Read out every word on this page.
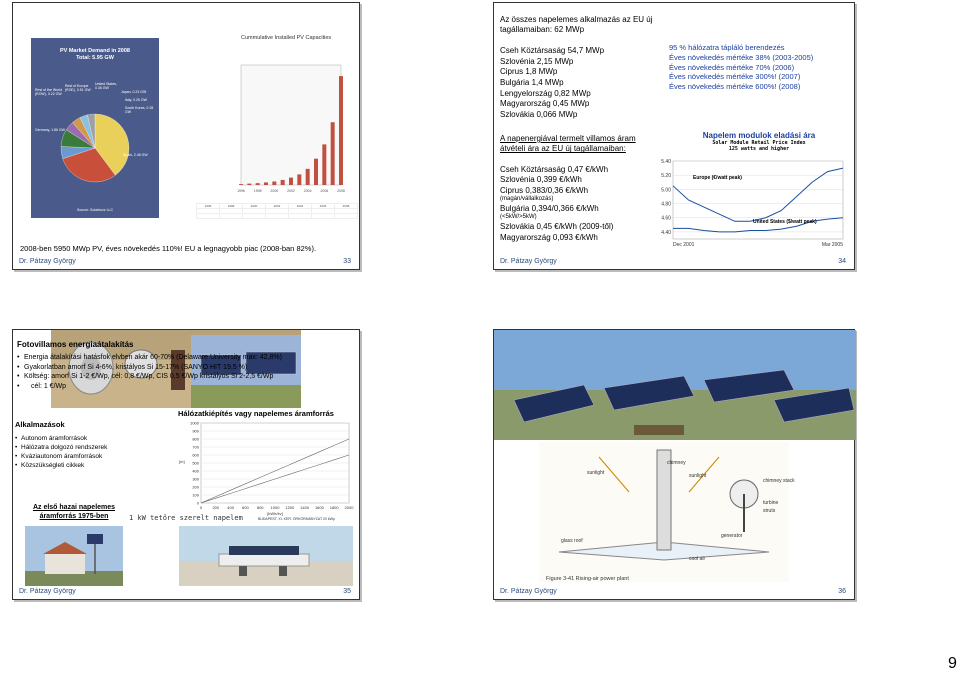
PV Market Demand in 2008
Total: 5.95 GW
Rest of the World (ROW), 0.22 GW
Rest of Europe (ROE), 0.51 GW
United States, 0.36 GW
Japan, 0.23 GW
Italy, 0.26 GW
South Korea, 0.28 GW
Germany, 1.86 GW
Spain, 2.46 GW
Source: Solarbuzz LLC
Cummulative Installed PV Capacities
1996	1998	2000	2002	2004	2006	2008
1996	1998	2000	2002	2004	2006	2008
·	·	·	·	·	·	·
·	·	·	·	·	·	·
2008-ben 5950 MWp PV, éves növekedés 110%! EU a legnagyobb piac (2008-ban 82%).
Dr. Pátzay György	33
Az összes napelemes alkalmazás az EU új tagállamaiban: 62 MWp
Cseh Köztársaság 54,7 MWp
Szlovénia 2,15 MWp
Ciprus 1,8 MWp
Bulgária 1,4 MWp
Lengyelország 0,82 MWp
Magyarország 0,45 MWp
Szlovákia 0,066 MWp
95 % hálózatra tápláló berendezés
Éves növekedés mértéke 38% (2003-2005)
Éves növekedés mértéke 70% (2006)
Éves növekedés mértéke 300%! (2007)
Éves növekedés mértéke 600%! (2008)
A napenergiával termelt villamos áram átvételi ára az EU új tagállamaiban:
Cseh Köztársaság 0,47 €/kWh
Szlovénia 0,399 €/kWh
Ciprus 0,383/0,36 €/kWh
(magán/vállalkozás)
Bulgária 0,394/0,366 €/kWh
(<5kW/>5kW)
Szlovákia 0,45 €/kWh (2009-től)
Magyarország 0,093 €/kWh
Napelem modulok eladási ára
Solar Module Retail Price Index
125 watts and higher
5.40
5.20
5.00
4.80
4.60
4.40
Europe (€/watt peak)
United States ($/watt peak)
Dec 2001	Mar 2005
Dr. Pátzay György	34
Fotovillamos energiaátalakítás
• Energia átalakítási hatásfok elvben akár 60-70% (Delaware University max: 42,8%)
• Gyakorlatban amorf Si 4-6%, kristályos Si 15-17% (SANYO HIT 19,5 %)
• Költség: amorf Si 1-2 €/Wp, cél: 0,8 €/Wp, CIS 0,5 €/Wp kristályos Si 2-2,5 €/Wp
• cél: 1 €/Wp
Alkalmazások
• Autonom áramforrások
• Hálózatra dolgozó rendszerek
• Kváziautonom áramforrások
• Közszükségleti cikkek
Hálózatkiépítés vagy napelemes áramforrás
0
100
200
300
400
500
600
700
800
900
1000
0	200 400 600 800 1000 1200 1400 1600 1800 2000
[kWh/év]
[m]
Az első hazai napelemes áramforrás 1975-ben	1 kW tetőre szerelt napelem	BUDAPEST, XI. KER. ÖRKÖRMÁNYZAT 20 kWp
Dr. Pátzay György	35
sunlight
chimney
sunlight
chimney stack
turbine
struts
glass roof
generator
cool air
Figure 3-41 Rising-air power plant
Dr. Pátzay György	36
9
